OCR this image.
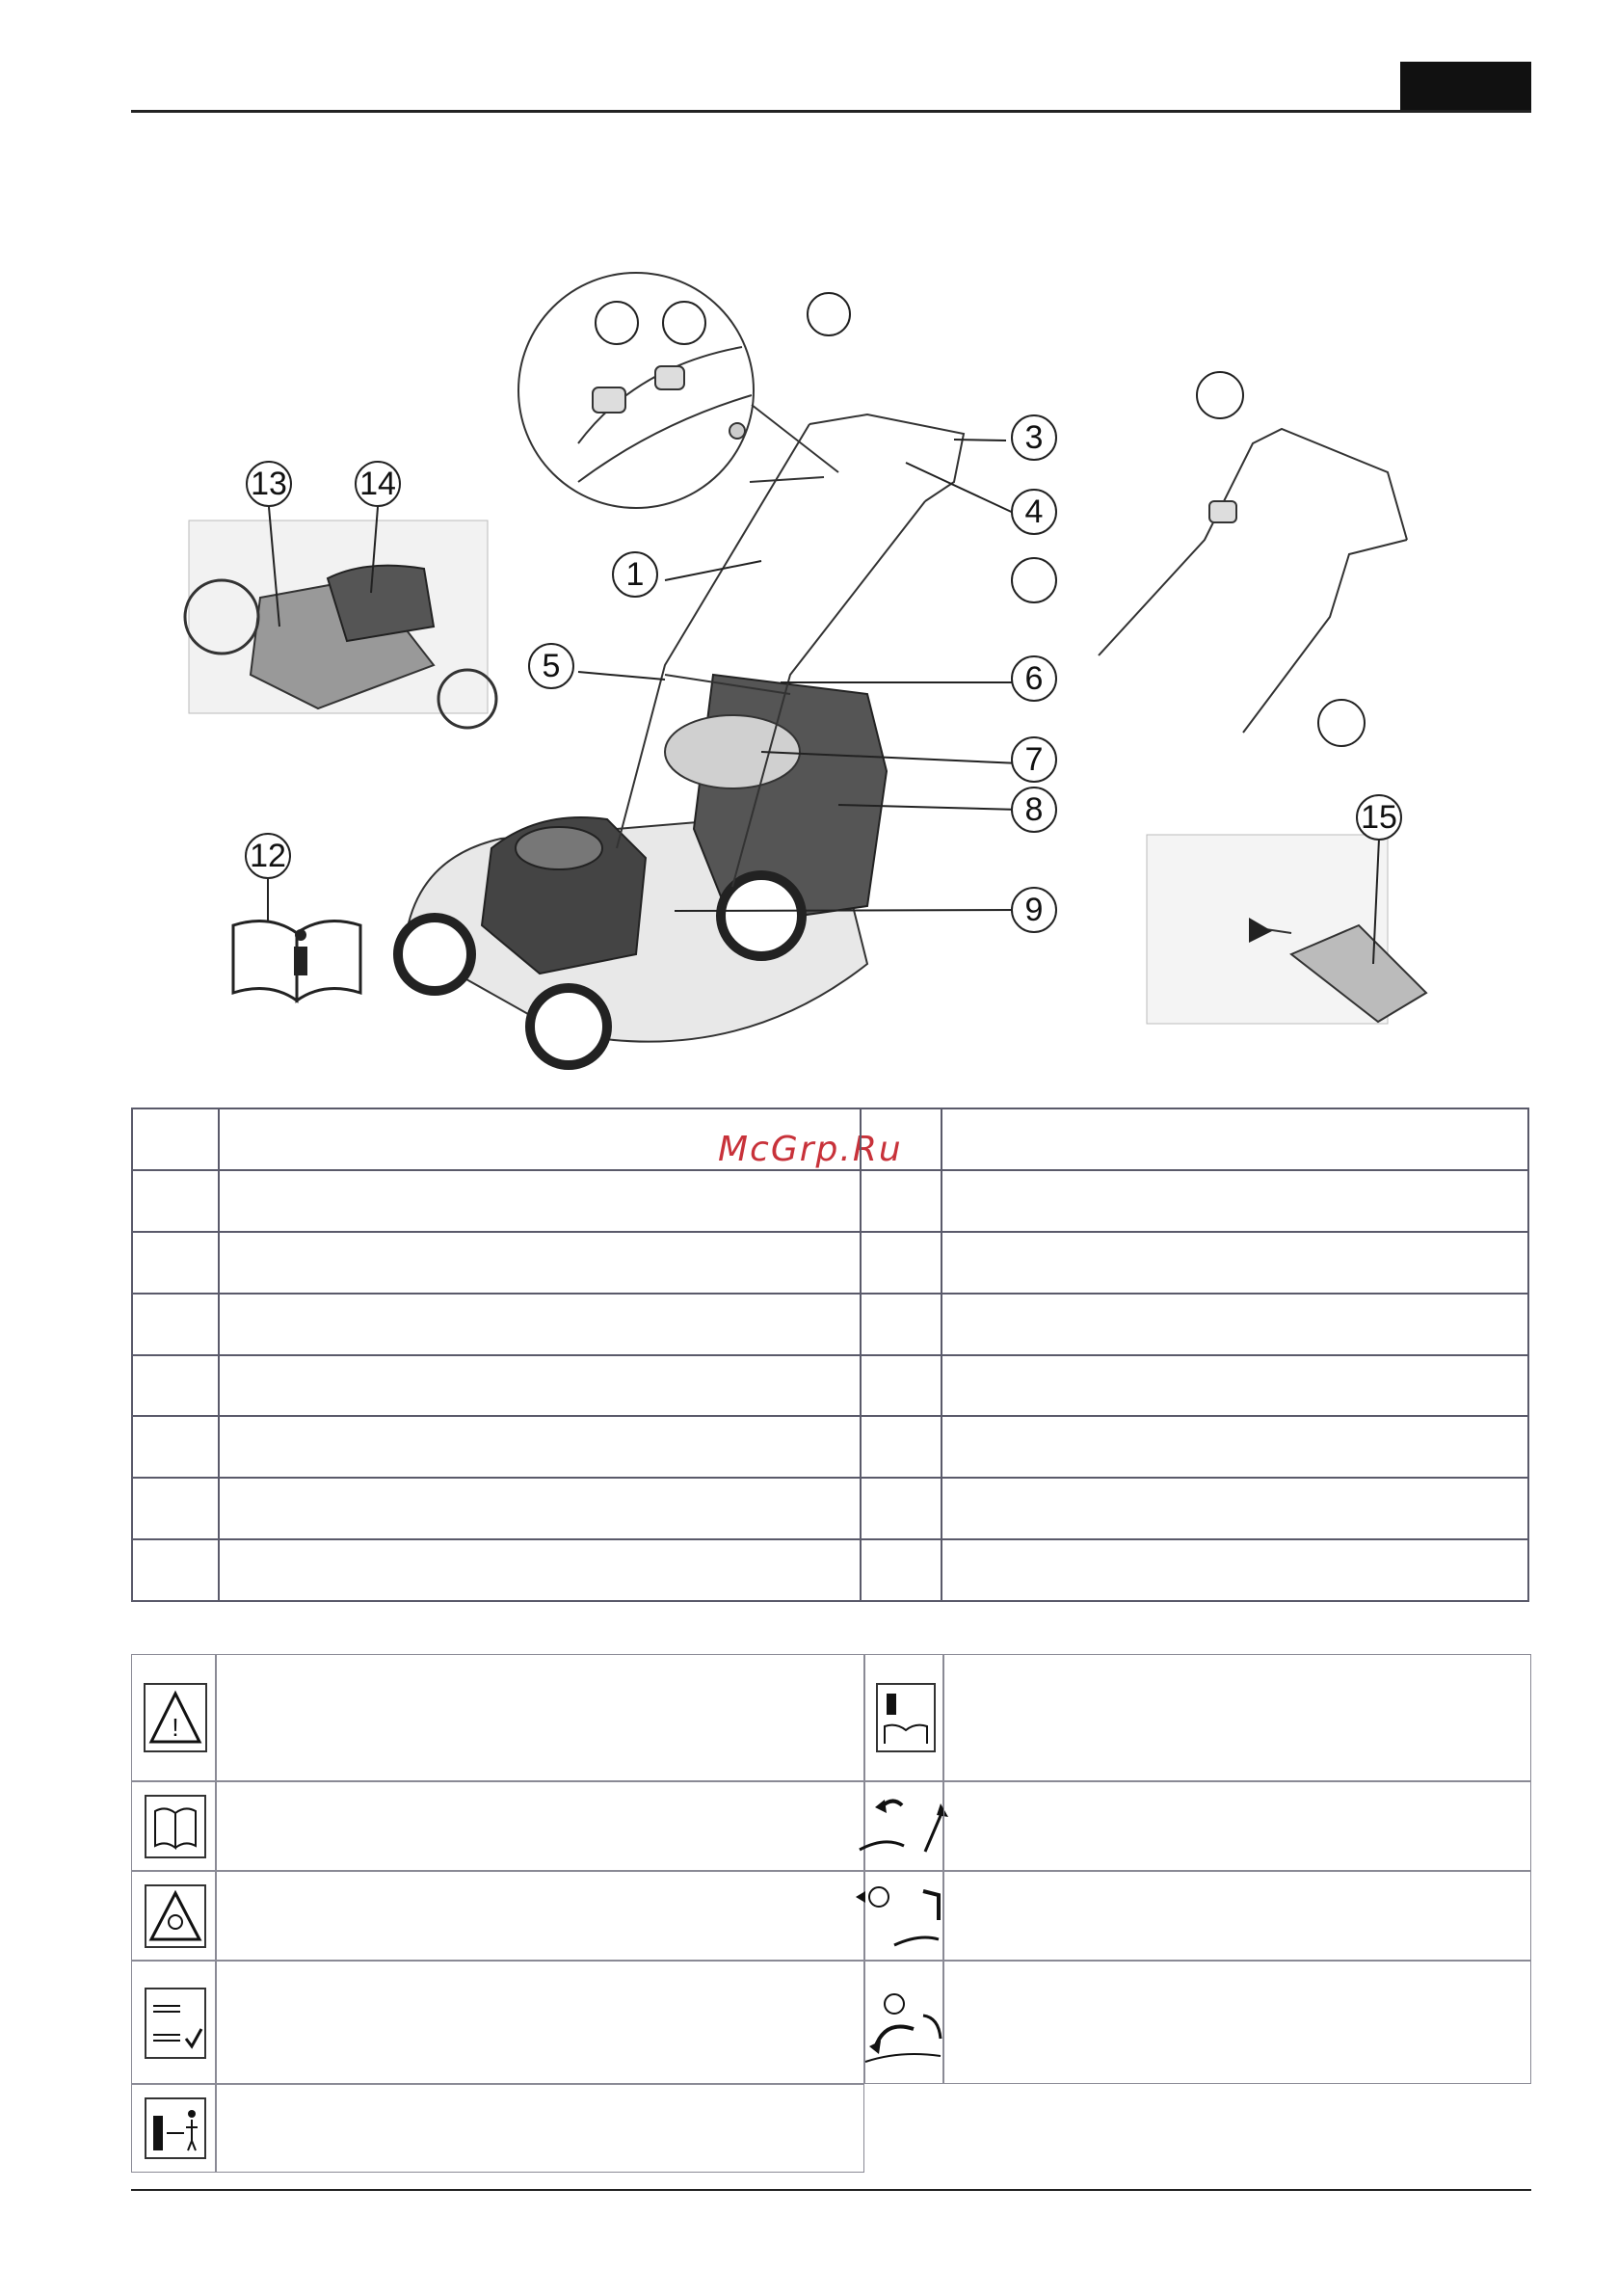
1
3
4
5	6
7
8
9
13 14
12
15
McGrp.Ru

!
